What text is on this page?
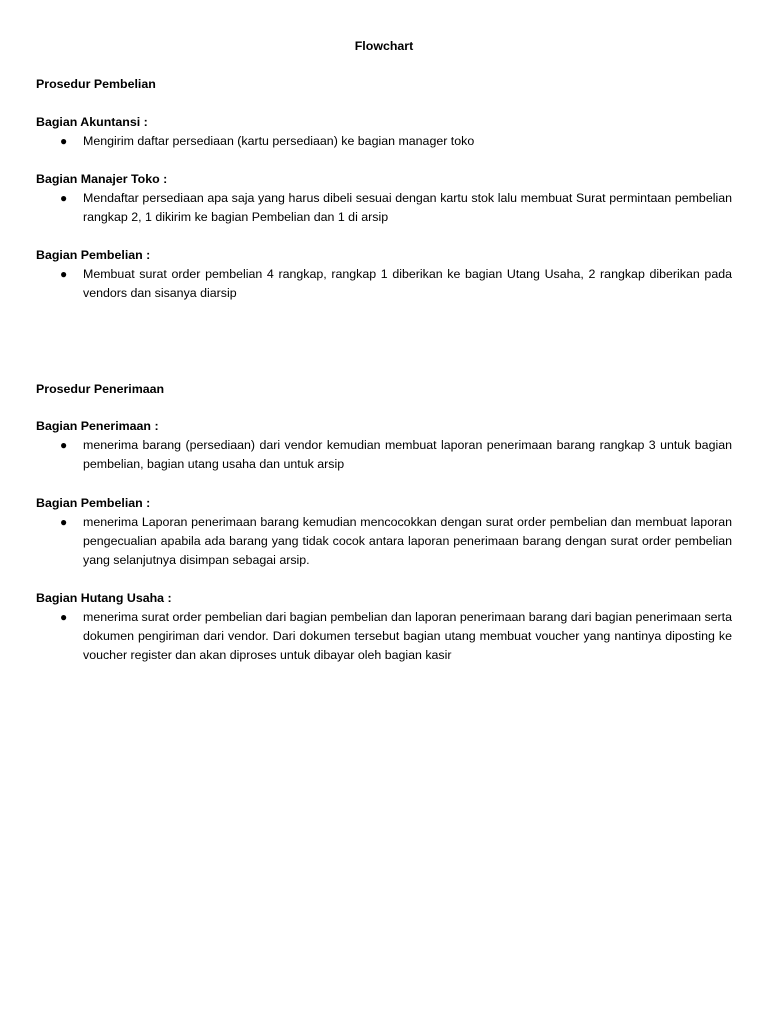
Flowchart

Prosedur Pembelian

Bagian Akuntansi :

● Mengirim daftar persediaan (kartu persediaan) ke bagian manager toko

Bagian Manajer Toko :

● Mendaftar persediaan apa saja yang harus dibeli sesuai dengan kartu stok lalu membuat Surat permintaan pembelian rangkap 2, 1 dikirim ke bagian Pembelian dan 1 di arsip

Bagian Pembelian :

● Membuat surat order pembelian 4 rangkap, rangkap 1 diberikan ke bagian Utang Usaha, 2 rangkap diberikan pada vendors dan sisanya diarsip

Prosedur Penerimaan

Bagian Penerimaan :

● menerima barang (persediaan) dari vendor kemudian membuat laporan penerimaan barang rangkap 3 untuk bagian pembelian, bagian utang usaha dan untuk arsip

Bagian Pembelian :

● menerima Laporan penerimaan barang kemudian mencocokkan dengan surat order pembelian dan membuat laporan pengecualian apabila ada barang yang tidak cocok antara laporan penerimaan barang dengan surat order pembelian yang selanjutnya disimpan sebagai arsip.

Bagian Hutang Usaha :

● menerima surat order pembelian dari bagian pembelian dan laporan penerimaan barang dari bagian penerimaan serta dokumen pengiriman dari vendor. Dari dokumen tersebut bagian utang membuat voucher yang nantinya diposting ke voucher register dan akan diproses untuk dibayar oleh bagian kasir
